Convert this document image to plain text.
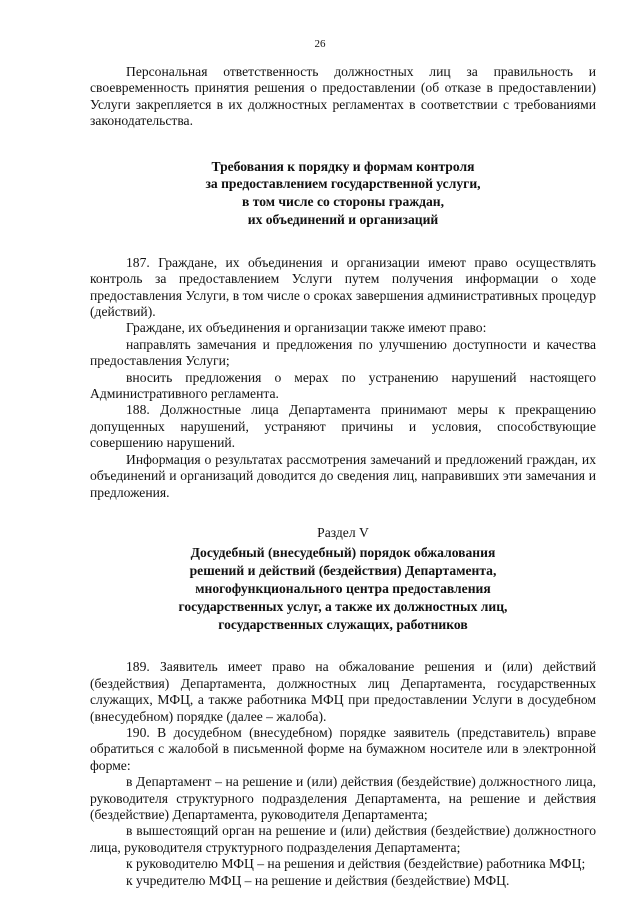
26

Персональная ответственность должностных лиц за правильность и своевременность принятия решения о предоставлении (об отказе в предоставлении) Услуги закрепляется в их должностных регламентах в соответствии с требованиями законодательства.

Требования к порядку и формам контроля
за предоставлением государственной услуги,
в том числе со стороны граждан,
их объединений и организаций

187. Граждане, их объединения и организации имеют право осуществлять контроль за предоставлением Услуги путем получения информации о ходе предоставления Услуги, в том числе о сроках завершения административных процедур (действий).

Граждане, их объединения и организации также имеют право:

направлять замечания и предложения по улучшению доступности и качества предоставления Услуги;

вносить предложения о мерах по устранению нарушений настоящего Административного регламента.

188. Должностные лица Департамента принимают меры к прекращению допущенных нарушений, устраняют причины и условия, способствующие совершению нарушений.

Информация о результатах рассмотрения замечаний и предложений граждан, их объединений и организаций доводится до сведения лиц, направивших эти замечания и предложения.

Раздел V
Досудебный (внесудебный) порядок обжалования
решений и действий (бездействия) Департамента,
многофункционального центра предоставления
государственных услуг, а также их должностных лиц,
государственных служащих, работников

189. Заявитель имеет право на обжалование решения и (или) действий (бездействия) Департамента, должностных лиц Департамента, государственных служащих, МФЦ, а также работника МФЦ при предоставлении Услуги в досудебном (внесудебном) порядке (далее – жалоба).

190. В досудебном (внесудебном) порядке заявитель (представитель) вправе обратиться с жалобой в письменной форме на бумажном носителе или в электронной форме:

в Департамент – на решение и (или) действия (бездействие) должностного лица, руководителя структурного подразделения Департамента, на решение и действия (бездействие) Департамента, руководителя Департамента;

в вышестоящий орган на решение и (или) действия (бездействие) должностного лица, руководителя структурного подразделения Департамента;

к руководителю МФЦ – на решения и действия (бездействие) работника МФЦ;

к учредителю МФЦ – на решение и действия (бездействие) МФЦ.
